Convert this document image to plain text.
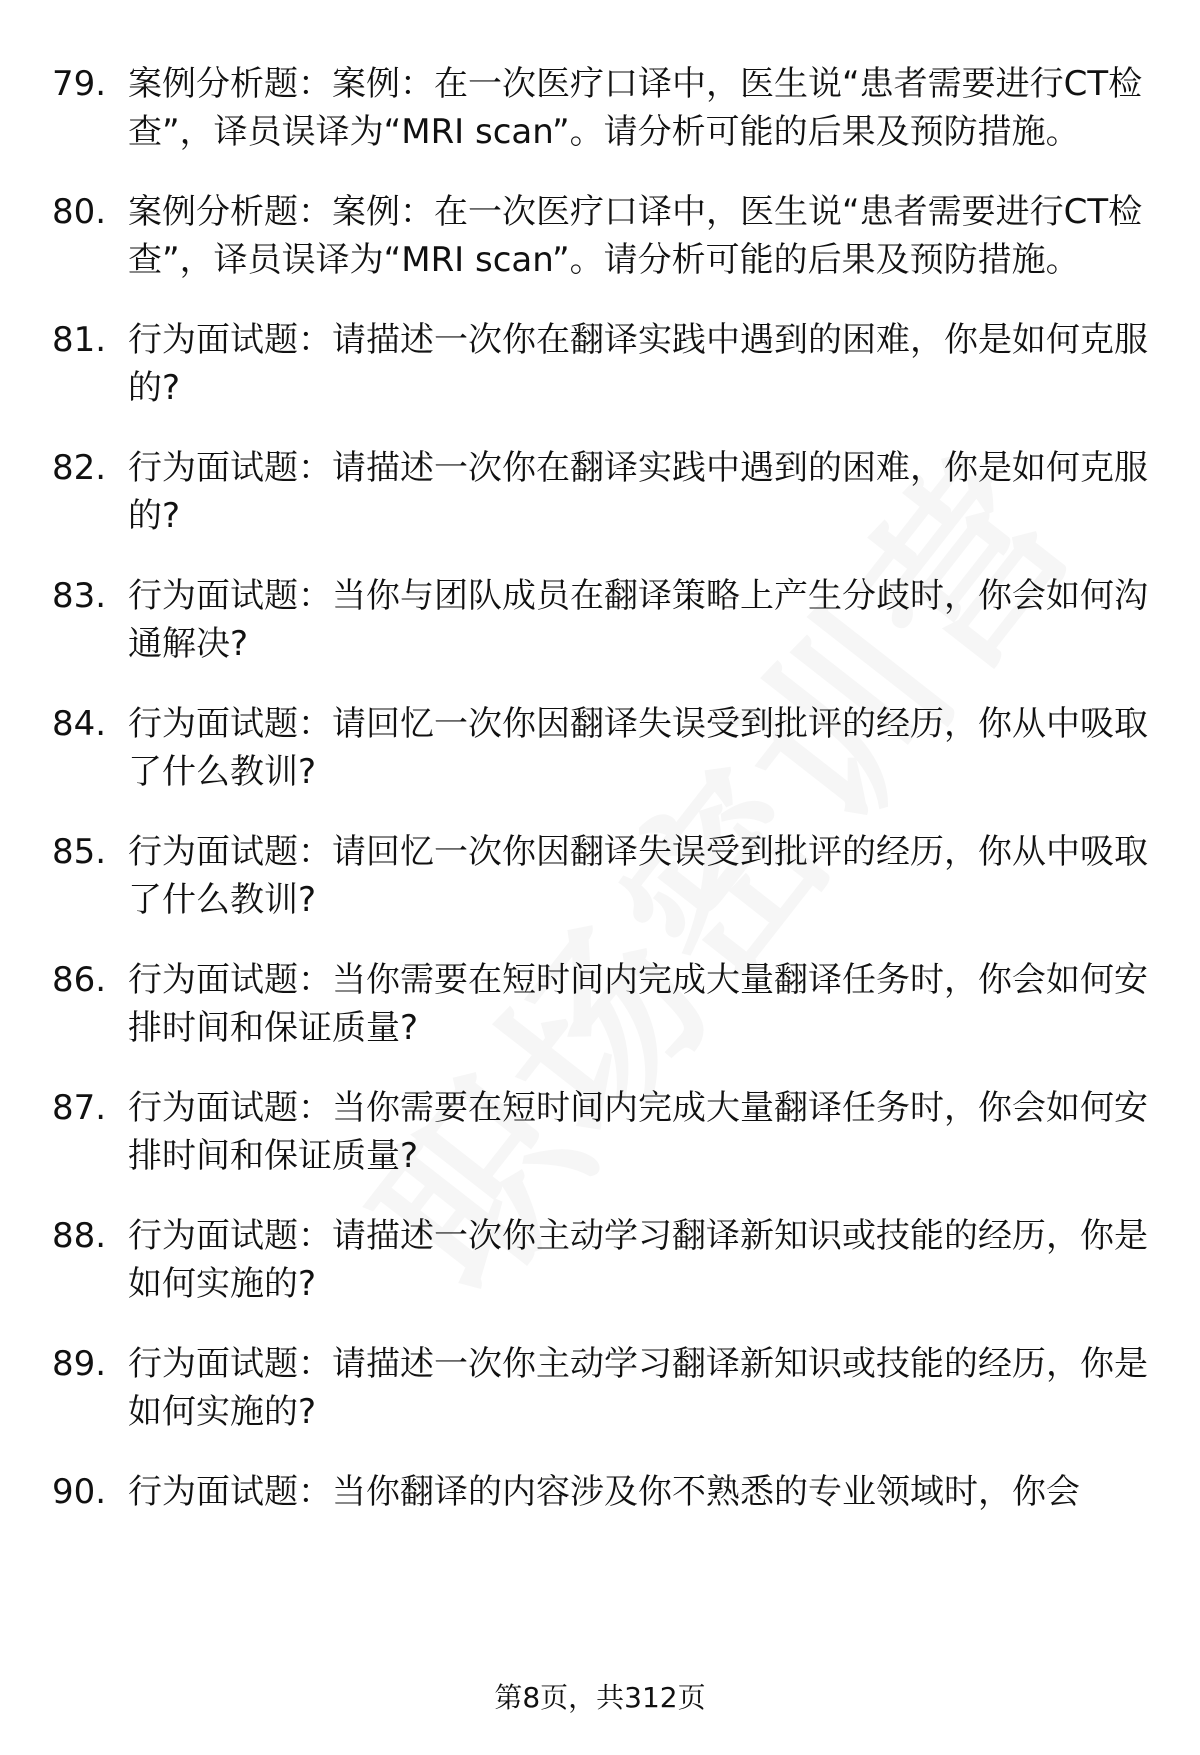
79. 案例分析题：案例：在一次医疗口译中，医生说“患者需要进行CT检查”，译员误译为“MRI scan”。请分析可能的后果及预防措施。
80. 案例分析题：案例：在一次医疗口译中，医生说“患者需要进行CT检查”，译员误译为“MRI scan”。请分析可能的后果及预防措施。
81. 行为面试题：请描述一次你在翻译实践中遇到的困难，你是如何克服的?
82. 行为面试题：请描述一次你在翻译实践中遇到的困难，你是如何克服的?
83. 行为面试题：当你与团队成员在翻译策略上产生分歧时，你会如何沟通解决?
84. 行为面试题：请回忆一次你因翻译失误受到批评的经历，你从中吸取了什么教训?
85. 行为面试题：请回忆一次你因翻译失误受到批评的经历，你从中吸取了什么教训?
86. 行为面试题：当你需要在短时间内完成大量翻译任务时，你会如何安排时间和保证质量?
87. 行为面试题：当你需要在短时间内完成大量翻译任务时，你会如何安排时间和保证质量?
88. 行为面试题：请描述一次你主动学习翻译新知识或技能的经历，你是如何实施的?
89. 行为面试题：请描述一次你主动学习翻译新知识或技能的经历，你是如何实施的?
90. 行为面试题：当你翻译的内容涉及你不熟悉的专业领域时，你会
第8页，共312页
